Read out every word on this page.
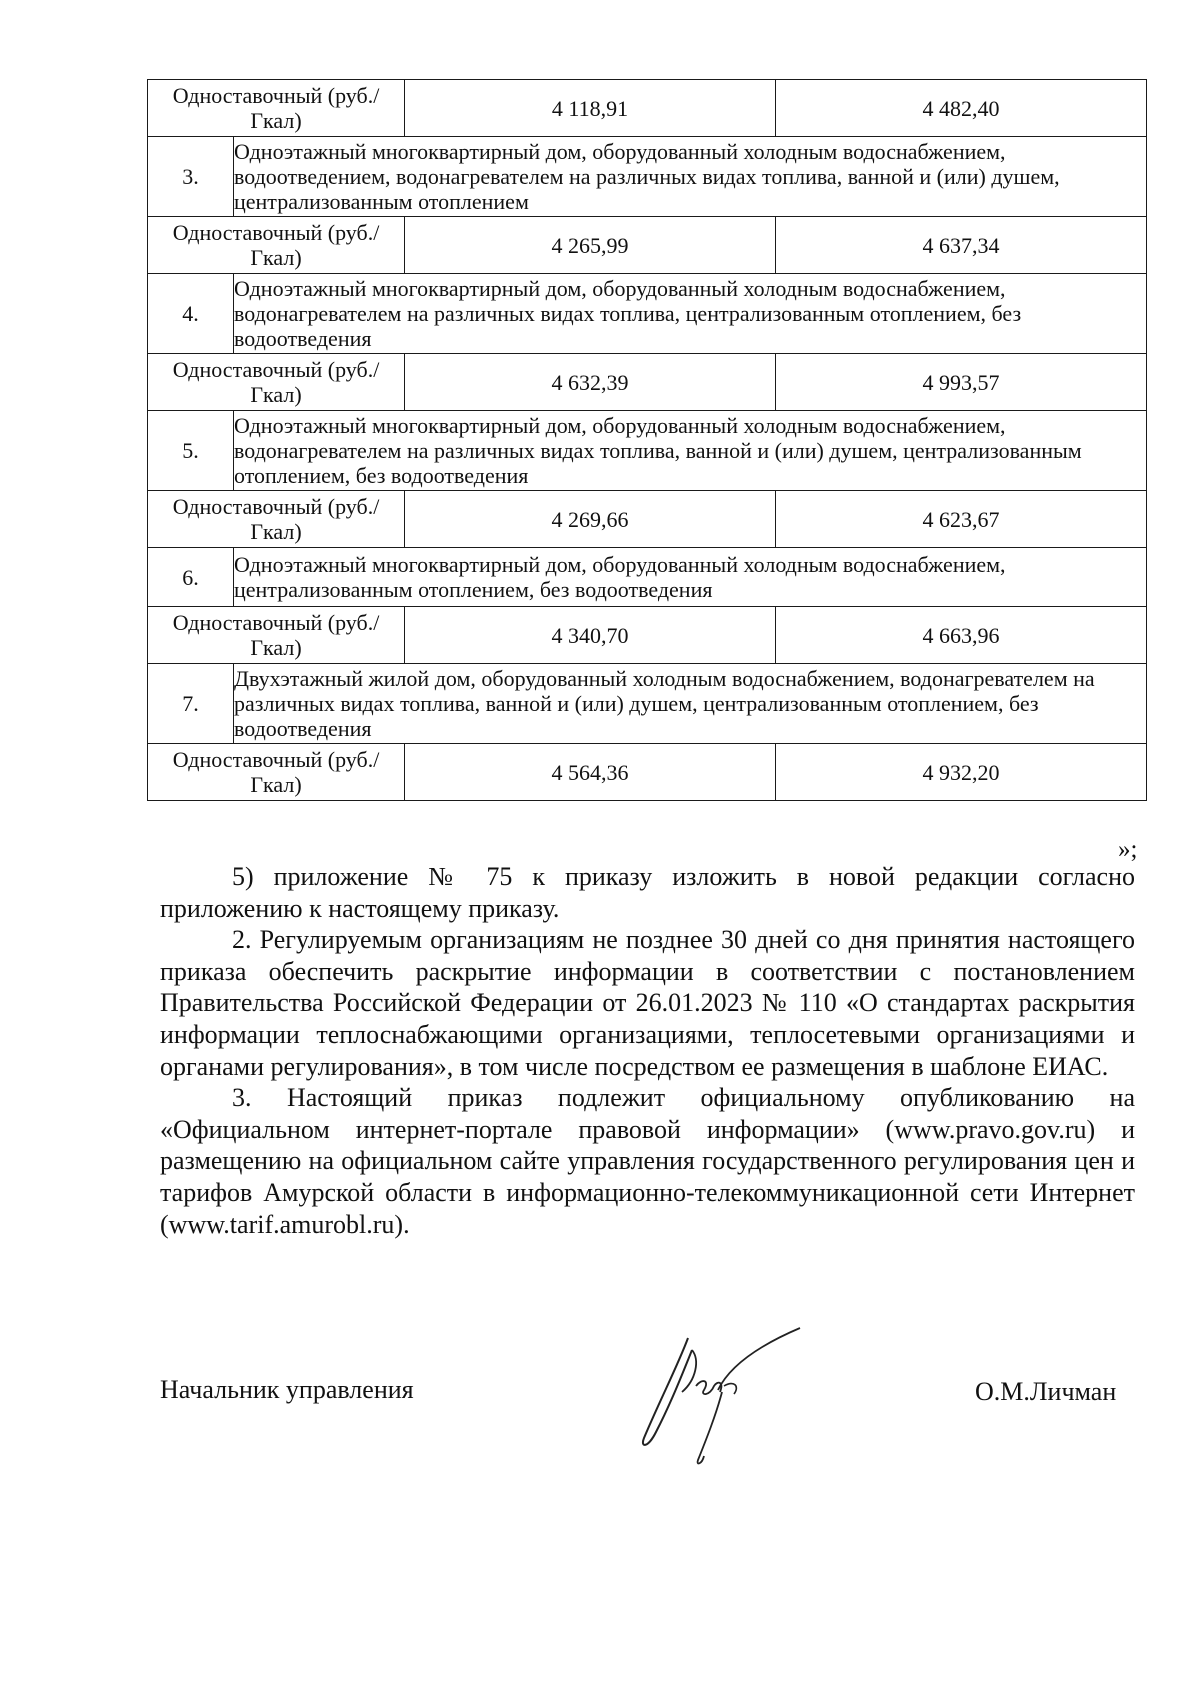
Одноставочный (руб./Гкал)		4 118,91	4 482,40
3.	Одноэтажный многоквартирный дом, оборудованный холодным водоснабжением, водоотведением, водонагревателем на различных видах топлива, ванной и (или) душем, централизованным отоплением		
Одноставочный (руб./Гкал)		4 265,99	4 637,34
4.	Одноэтажный многоквартирный дом, оборудованный холодным водоснабжением, водонагревателем на различных видах топлива, централизованным отоплением, без водоотведения		
Одноставочный (руб./Гкал)		4 632,39	4 993,57
5.	Одноэтажный многоквартирный дом, оборудованный холодным водоснабжением, водонагревателем на различных видах топлива, ванной и (или) душем, централизованным отоплением, без водоотведения		
Одноставочный (руб./Гкал)		4 269,66	4 623,67
6.	Одноэтажный многоквартирный дом, оборудованный холодным водоснабжением, централизованным отоплением, без водоотведения		
Одноставочный (руб./Гкал)		4 340,70	4 663,96
7.	Двухэтажный жилой дом, оборудованный холодным водоснабжением, водонагревателем на различных видах топлива, ванной и (или) душем, централизованным отоплением, без водоотведения		
Одноставочный (руб./Гкал)		4 564,36	4 932,20
»;

5) приложение № 75 к приказу изложить в новой редакции согласно приложению к настоящему приказу.

2. Регулируемым организациям не позднее 30 дней со дня принятия настоящего приказа обеспечить раскрытие информации в соответствии с постановлением Правительства Российской Федерации от 26.01.2023 № 110 «О стандартах раскрытия информации теплоснабжающими организациями, теплосетевыми организациями и органами регулирования», в том числе посредством ее размещения в шаблоне ЕИАС.

3. Настоящий приказ подлежит официальному опубликованию на «Официальном интернет-портале правовой информации» (www.pravo.gov.ru) и размещению на официальном сайте управления государственного регулирования цен и тарифов Амурской области в информационно-телекоммуникационной сети Интернет (www.tarif.amurobl.ru).

Начальник управления	О.М.Личман
